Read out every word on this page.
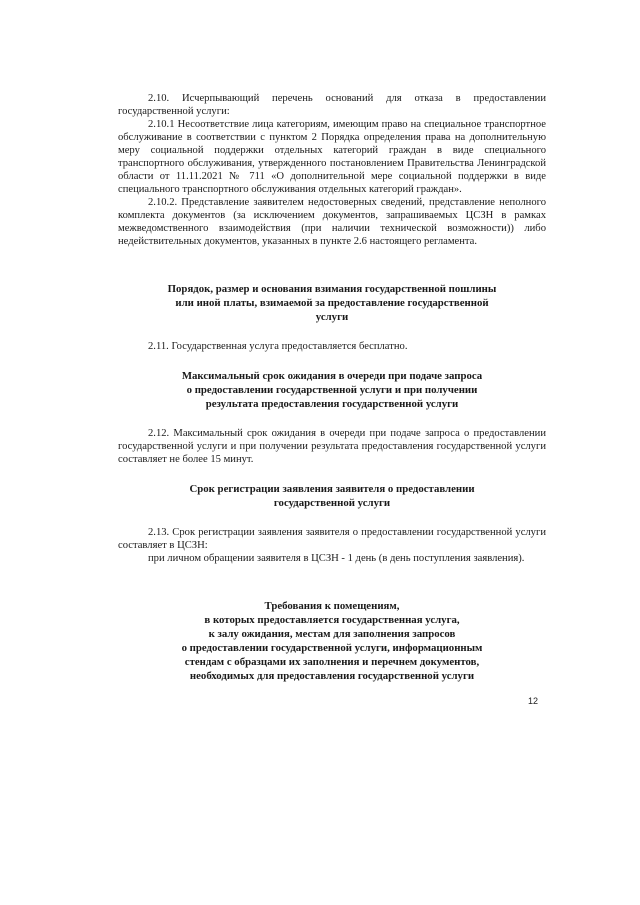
2.10. Исчерпывающий перечень оснований для отказа в предоставлении государственной услуги:

2.10.1 Несоответствие лица категориям, имеющим право на специальное транспортное обслуживание в соответствии с пунктом 2 Порядка определения права на дополнительную меру социальной поддержки отдельных категорий граждан в виде специального транспортного обслуживания, утвержденного постановлением Правительства Ленинградской области от 11.11.2021 № 711 «О дополнительной мере социальной поддержки в виде специального транспортного обслуживания отдельных категорий граждан».

2.10.2. Представление заявителем недостоверных сведений, представление неполного комплекта документов (за исключением документов, запрашиваемых ЦСЗН в рамках межведомственного взаимодействия (при наличии технической возможности)) либо недействительных документов, указанных в пункте 2.6 настоящего регламента.

Порядок, размер и основания взимания государственной пошлины

или иной платы, взимаемой за предоставление государственной

услуги

2.11. Государственная услуга предоставляется бесплатно.

Максимальный срок ожидания в очереди при подаче запроса

о предоставлении государственной услуги и при получении

результата предоставления государственной услуги

2.12. Максимальный срок ожидания в очереди при подаче запроса о предоставлении государственной услуги и при получении результата предоставления государственной услуги составляет не более 15 минут.

Срок регистрации заявления заявителя о предоставлении

государственной услуги

2.13. Срок регистрации заявления заявителя о предоставлении государственной услуги составляет в ЦСЗН:

при личном обращении заявителя в ЦСЗН - 1 день (в день поступления заявления).

Требования к помещениям,

в которых предоставляется государственная услуга,

к залу ожидания, местам для заполнения запросов

о предоставлении государственной услуги, информационным

стендам с образцами их заполнения и перечнем документов,

необходимых для предоставления государственной услуги

12
